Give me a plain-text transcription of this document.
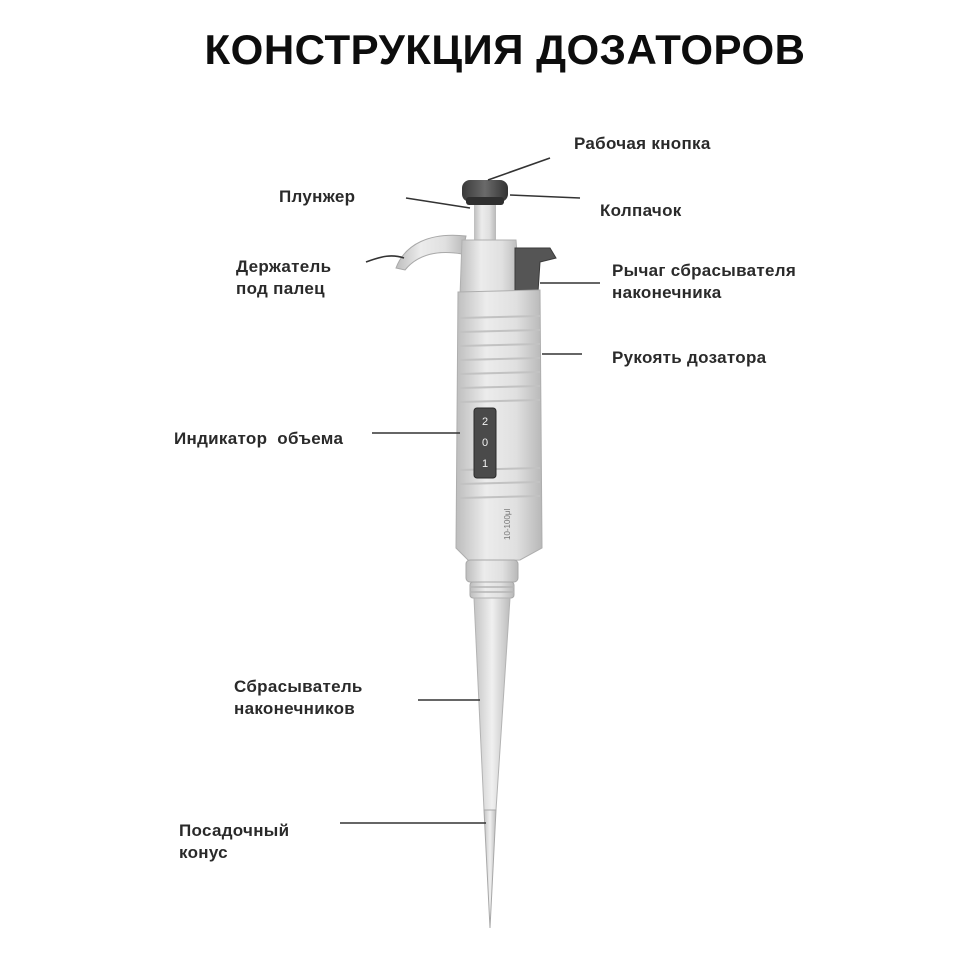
КОНСТРУКЦИЯ ДОЗАТОРОВ
2
0
1
10-100μl
Рабочая кнопка
Плунжер
Колпачок
Держатель
под палец
Рычаг сбрасывателя
наконечника
Рукоять дозатора
Индикатор  объема
Сбрасыватель
наконечников
Посадочный
конус
